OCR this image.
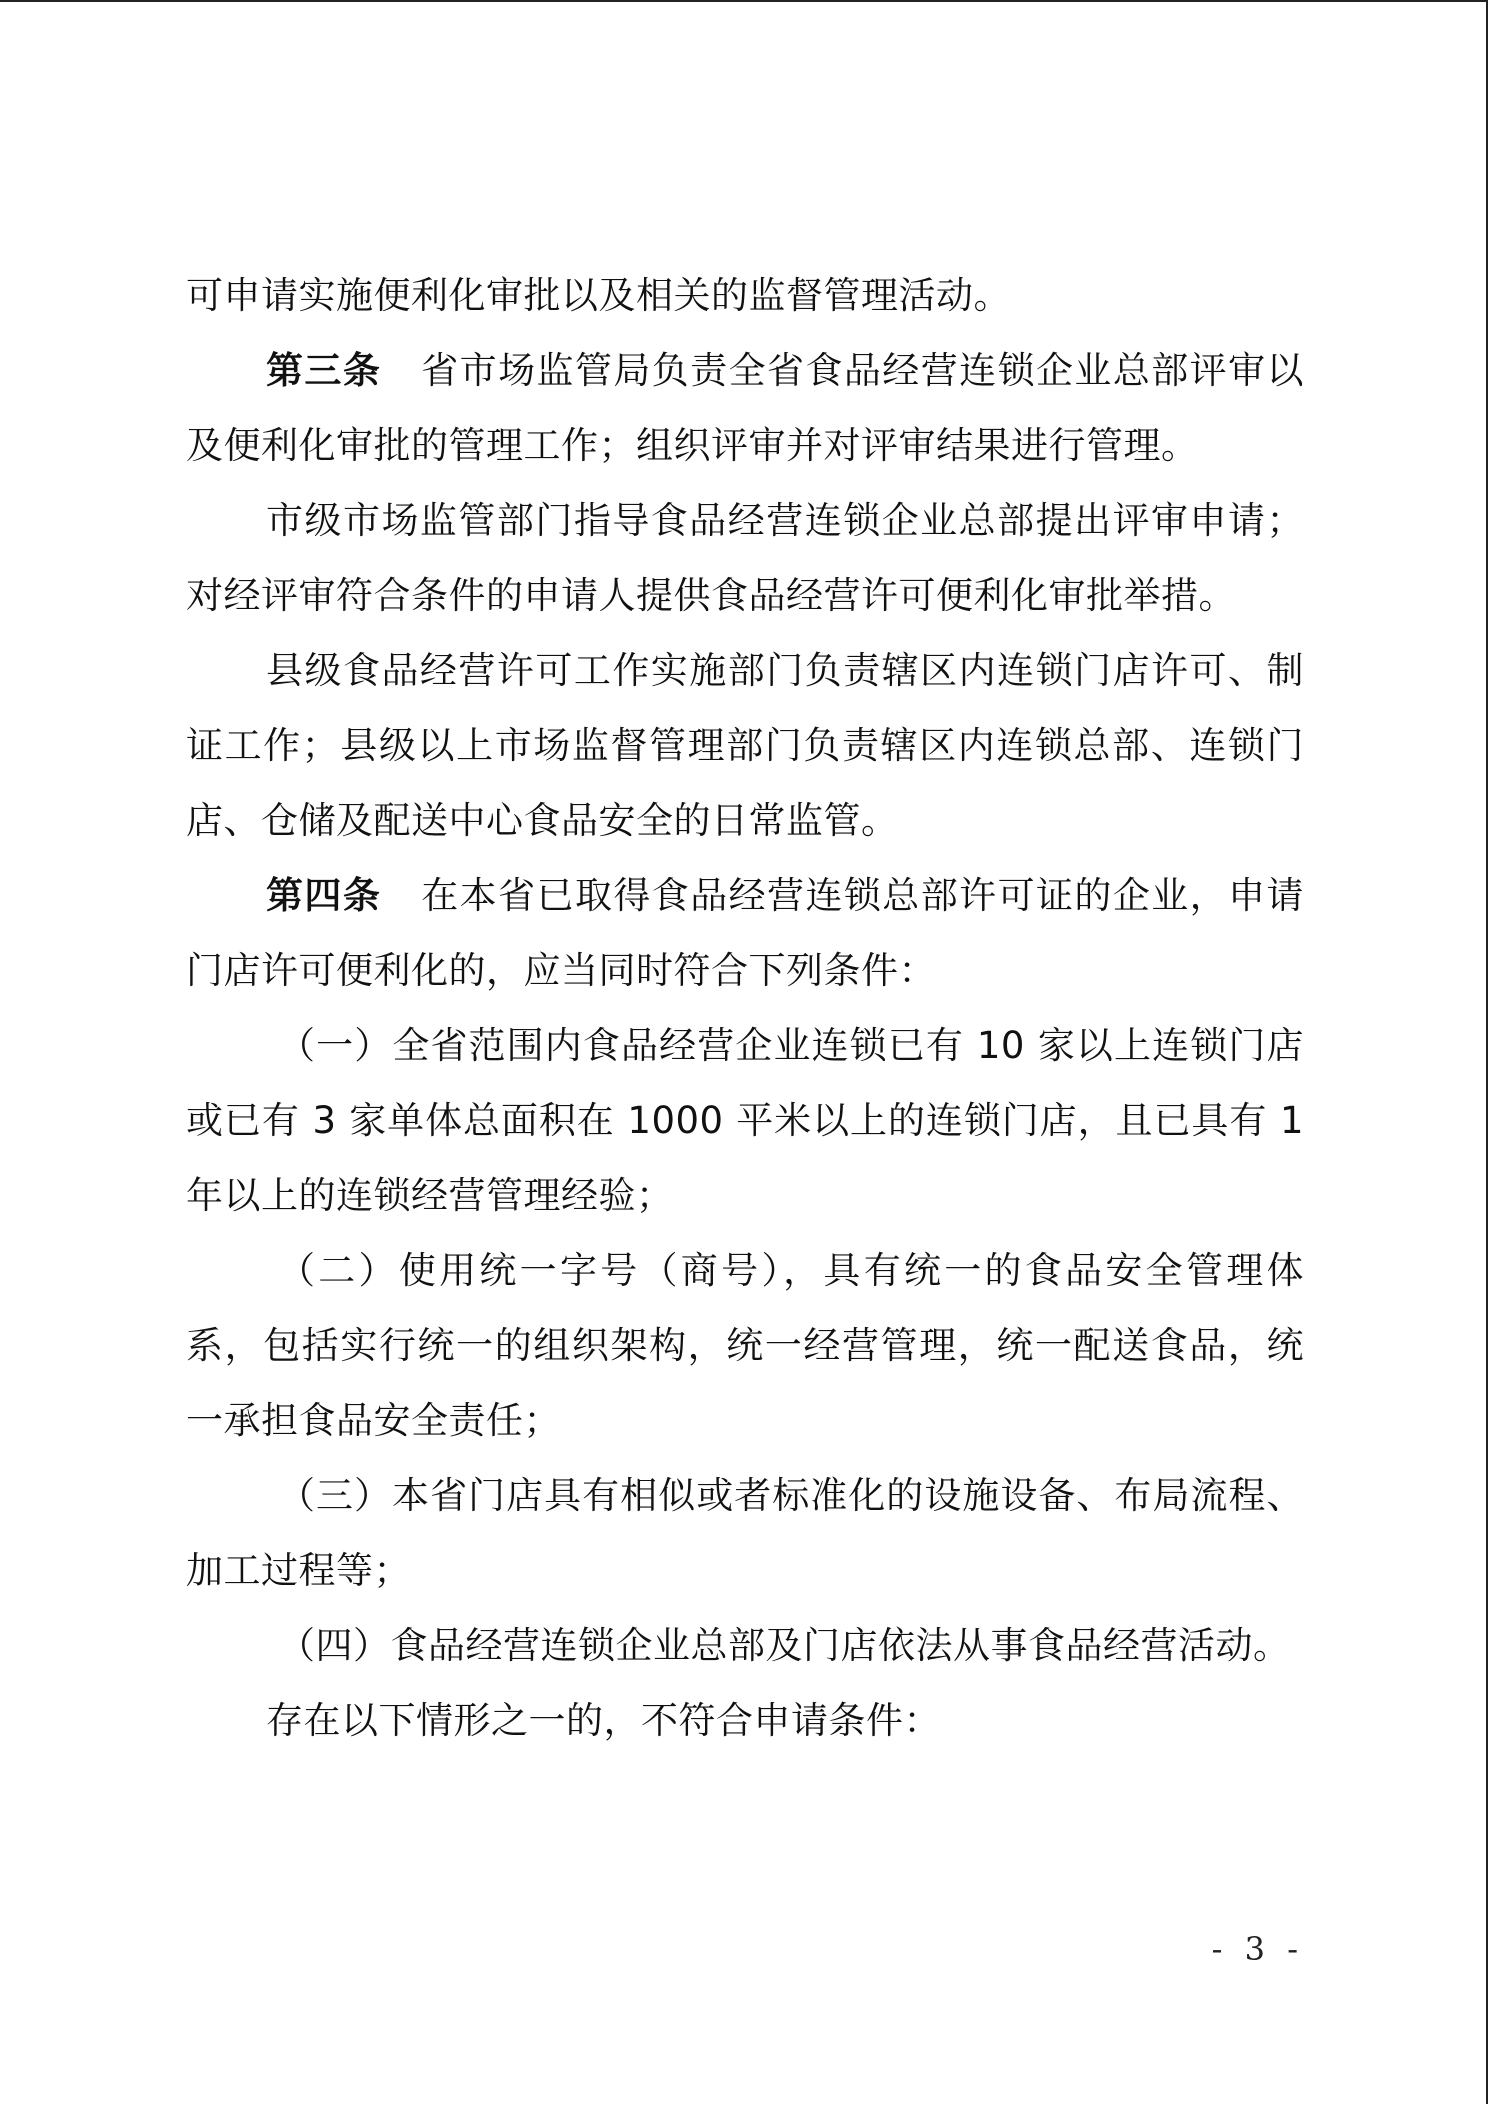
可申请实施便利化审批以及相关的监督管理活动。

第三条 省市场监管局负责全省食品经营连锁企业总部评审以及便利化审批的管理工作；组织评审并对评审结果进行管理。

市级市场监管部门指导食品经营连锁企业总部提出评审申请；对经评审符合条件的申请人提供食品经营许可便利化审批举措。

县级食品经营许可工作实施部门负责辖区内连锁门店许可、制证工作；县级以上市场监督管理部门负责辖区内连锁总部、连锁门店、仓储及配送中心食品安全的日常监管。

第四条 在本省已取得食品经营连锁总部许可证的企业，申请门店许可便利化的，应当同时符合下列条件：

（一）全省范围内食品经营企业连锁已有 10 家以上连锁门店或已有 3 家单体总面积在 1000 平米以上的连锁门店，且已具有 1 年以上的连锁经营管理经验；

（二）使用统一字号（商号），具有统一的食品安全管理体系，包括实行统一的组织架构，统一经营管理，统一配送食品，统一承担食品安全责任；

（三）本省门店具有相似或者标准化的设施设备、布局流程、加工过程等；

（四）食品经营连锁企业总部及门店依法从事食品经营活动。

存在以下情形之一的，不符合申请条件：

- 3 -
